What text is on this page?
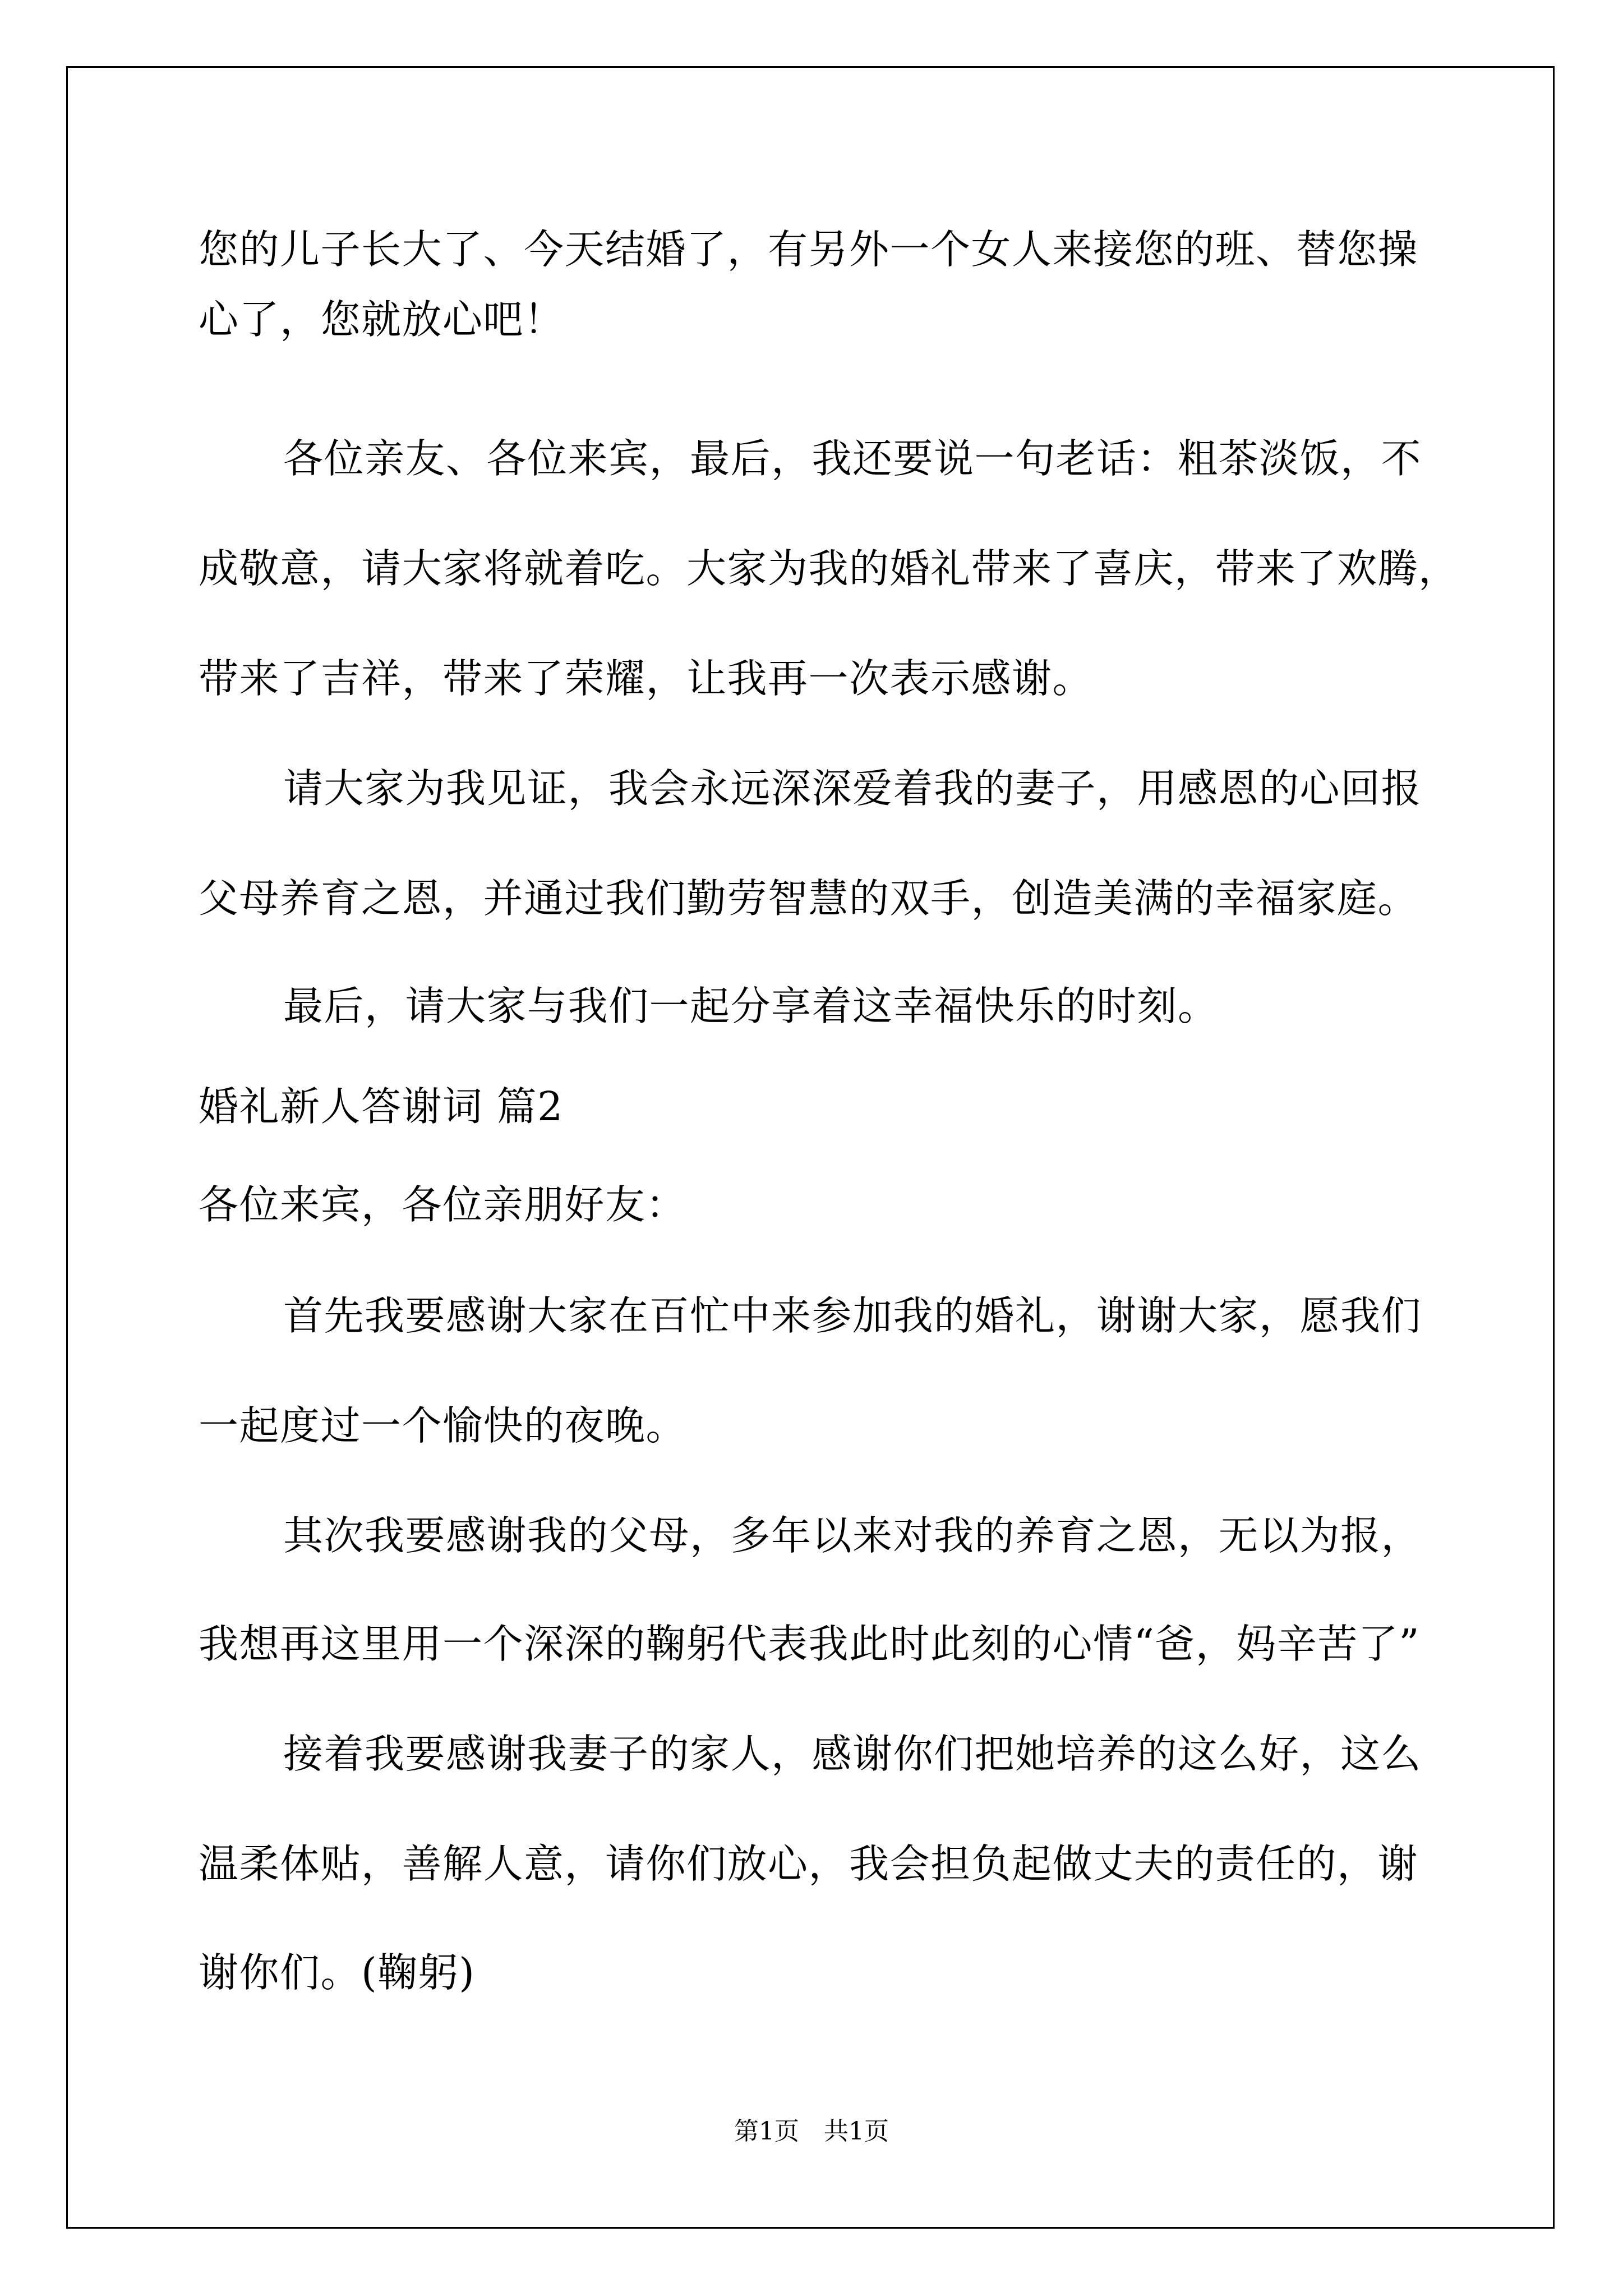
您的儿子长大了、今天结婚了，有另外一个女人来接您的班、替您操
心了，您就放心吧！
各位亲友、各位来宾，最后，我还要说一句老话：粗茶淡饭，不
成敬意，请大家将就着吃。大家为我的婚礼带来了喜庆，带来了欢腾，
带来了吉祥，带来了荣耀，让我再一次表示感谢。
请大家为我见证，我会永远深深爱着我的妻子，用感恩的心回报
父母养育之恩，并通过我们勤劳智慧的双手，创造美满的幸福家庭。
最后，请大家与我们一起分享着这幸福快乐的时刻。
婚礼新人答谢词 篇2
各位来宾，各位亲朋好友：
首先我要感谢大家在百忙中来参加我的婚礼，谢谢大家，愿我们
一起度过一个愉快的夜晚。
其次我要感谢我的父母，多年以来对我的养育之恩，无以为报，
我想再这里用一个深深的鞠躬代表我此时此刻的心情“爸，妈辛苦了”
接着我要感谢我妻子的家人，感谢你们把她培养的这么好，这么
温柔体贴，善解人意，请你们放心，我会担负起做丈夫的责任的，谢
谢你们。(鞠躬)
第1页 共1页
